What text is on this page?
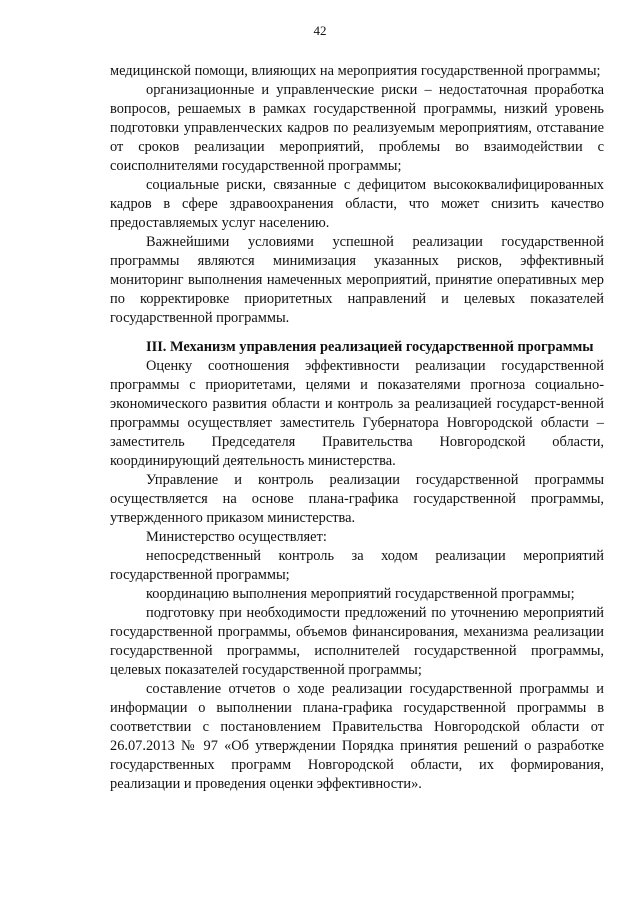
42

медицинской помощи, влияющих на мероприятия государственной программы;

организационные и управленческие риски – недостаточная проработка вопросов, решаемых в рамках государственной программы, низкий уровень подготовки управленческих кадров по реализуемым мероприятиям, отставание от сроков реализации мероприятий, проблемы во взаимодействии с соисполнителями государственной программы;

социальные риски, связанные с дефицитом высококвалифицированных кадров в сфере здравоохранения области, что может снизить качество предоставляемых услуг населению.

Важнейшими условиями успешной реализации государственной программы являются минимизация указанных рисков, эффективный мониторинг выполнения намеченных мероприятий, принятие оперативных мер по корректировке приоритетных направлений и целевых показателей государственной программы.

III. Механизм управления реализацией государственной программы

Оценку соотношения эффективности реализации государственной программы с приоритетами, целями и показателями прогноза социально-экономического развития области и контроль за реализацией государст-венной программы осуществляет заместитель Губернатора Новгородской области – заместитель Председателя Правительства Новгородской области, координирующий деятельность министерства.

Управление и контроль реализации государственной программы осуществляется на основе плана-графика государственной программы, утвержденного приказом министерства.

Министерство осуществляет:

непосредственный контроль за ходом реализации мероприятий государственной программы;

координацию выполнения мероприятий государственной программы;

подготовку при необходимости предложений по уточнению мероприятий государственной программы, объемов финансирования, механизма реализации государственной программы, исполнителей государственной программы, целевых показателей государственной программы;

составление отчетов о ходе реализации государственной программы и информации о выполнении плана-графика государственной программы в соответствии с постановлением Правительства Новгородской области от 26.07.2013 № 97 «Об утверждении Порядка принятия решений о разработке государственных программ Новгородской области, их формирования, реализации и проведения оценки эффективности».
